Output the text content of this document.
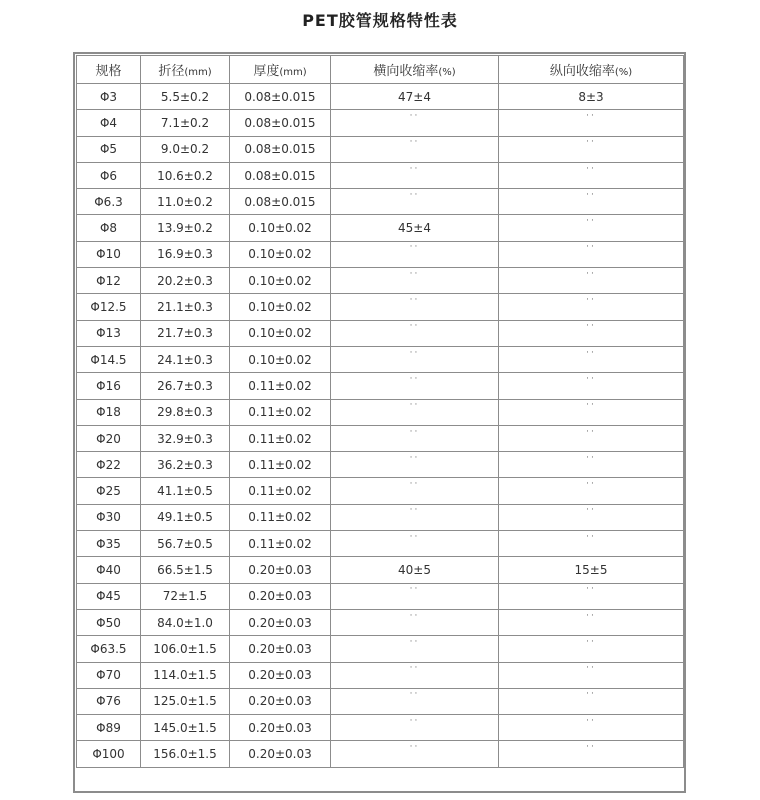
PET胶管规格特性表
规格	折径(mm)	厚度(mm)	横向收缩率(%)	纵向收缩率(%)
Φ3	5.5±0.2	0.08±0.015	47±4	8±3
Φ4	7.1±0.2	0.08±0.015	··	··
Φ5	9.0±0.2	0.08±0.015	··	··
Φ6	10.6±0.2	0.08±0.015	··	··
Φ6.3	11.0±0.2	0.08±0.015	··	··
Φ8	13.9±0.2	0.10±0.02	45±4	··
Φ10	16.9±0.3	0.10±0.02	··	··
Φ12	20.2±0.3	0.10±0.02	··	··
Φ12.5	21.1±0.3	0.10±0.02	··	··
Φ13	21.7±0.3	0.10±0.02	··	··
Φ14.5	24.1±0.3	0.10±0.02	··	··
Φ16	26.7±0.3	0.11±0.02	··	··
Φ18	29.8±0.3	0.11±0.02	··	··
Φ20	32.9±0.3	0.11±0.02	··	··
Φ22	36.2±0.3	0.11±0.02	··	··
Φ25	41.1±0.5	0.11±0.02	··	··
Φ30	49.1±0.5	0.11±0.02	··	··
Φ35	56.7±0.5	0.11±0.02	··	··
Φ40	66.5±1.5	0.20±0.03	40±5	15±5
Φ45	72±1.5	0.20±0.03	··	··
Φ50	84.0±1.0	0.20±0.03	··	··
Φ63.5	106.0±1.5	0.20±0.03	··	··
Φ70	114.0±1.5	0.20±0.03	··	··
Φ76	125.0±1.5	0.20±0.03	··	··
Φ89	145.0±1.5	0.20±0.03	··	··
Φ100	156.0±1.5	0.20±0.03	··	··
